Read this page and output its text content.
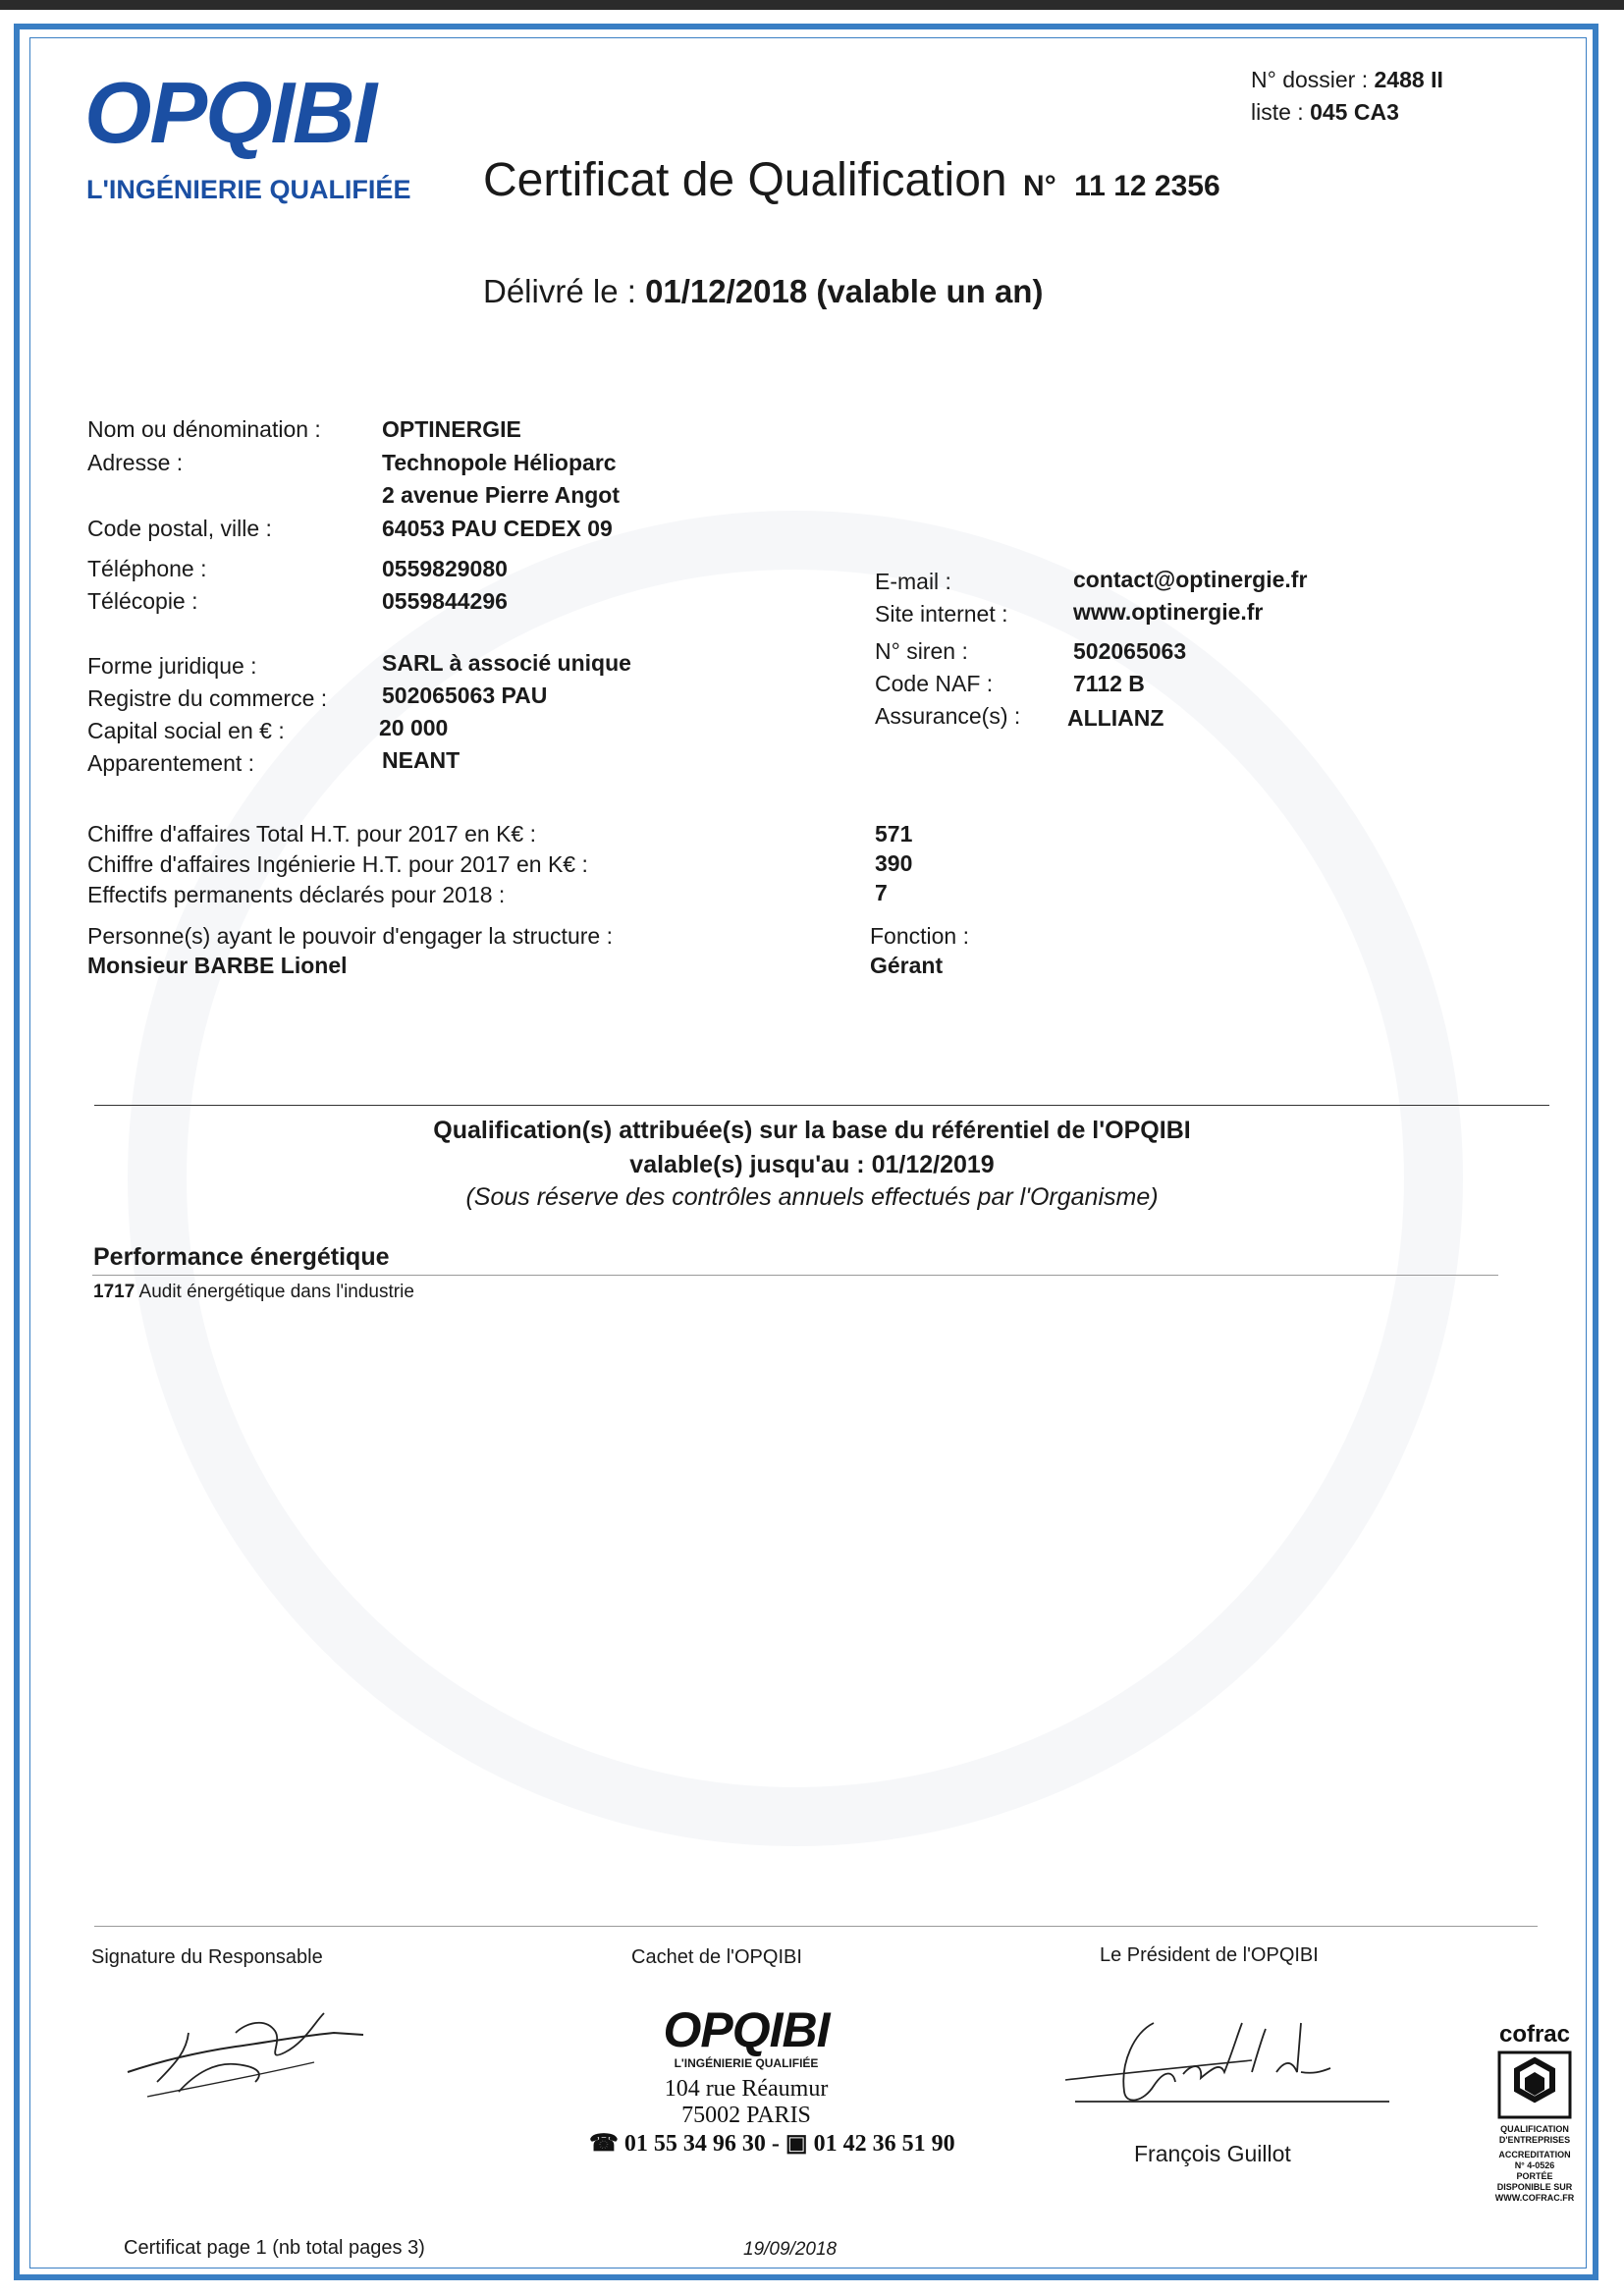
OPQIBI
L'INGÉNIERIE QUALIFIÉE
N° dossier : 2488 II
liste : 045 CA3
Certificat de Qualification N° 11 12 2356
Délivré le : 01/12/2018 (valable un an)
Nom ou dénomination :	OPTINERGIE
Adresse :	Technopole Hélioparc
2 avenue Pierre Angot
Code postal, ville :	64053 PAU CEDEX 09
Téléphone :	0559829080
Télécopie :	0559844296
Forme juridique :	SARL à associé unique
Registre du commerce : 502065063 PAU
Capital social en € :	20 000
Apparentement :	NEANT
E-mail :	contact@optinergie.fr
Site internet :	www.optinergie.fr
N° siren :	502065063
Code NAF :	7112 B
Assurance(s) : ALLIANZ
Chiffre d'affaires Total H.T. pour 2017 en K€ :	571
Chiffre d'affaires Ingénierie H.T. pour 2017 en K€ :	390
Effectifs permanents déclarés pour 2018 :	7
Personne(s) ayant le pouvoir d'engager la structure :
Monsieur BARBE Lionel
Fonction :
Gérant
Qualification(s) attribuée(s) sur la base du référentiel de l'OPQIBI
valable(s) jusqu'au : 01/12/2019
(Sous réserve des contrôles annuels effectués par l'Organisme)
Performance énergétique
1717 Audit énergétique dans l'industrie
Signature du Responsable	Cachet de l'OPQIBI	Le Président de l'OPQIBI
OPQIBI
L'INGÉNIERIE QUALIFIÉE
104 rue Réaumur
75002 PARIS
☎ 01 55 34 96 30 - ▣ 01 42 36 51 90	François Guillot
cofrac
QUALIFICATION
D'ENTREPRISES
ACCREDITATION
N° 4-0526
PORTÉE
DISPONIBLE SUR
WWW.COFRAC.FR
Certificat page 1 (nb total pages 3)	19/09/2018
